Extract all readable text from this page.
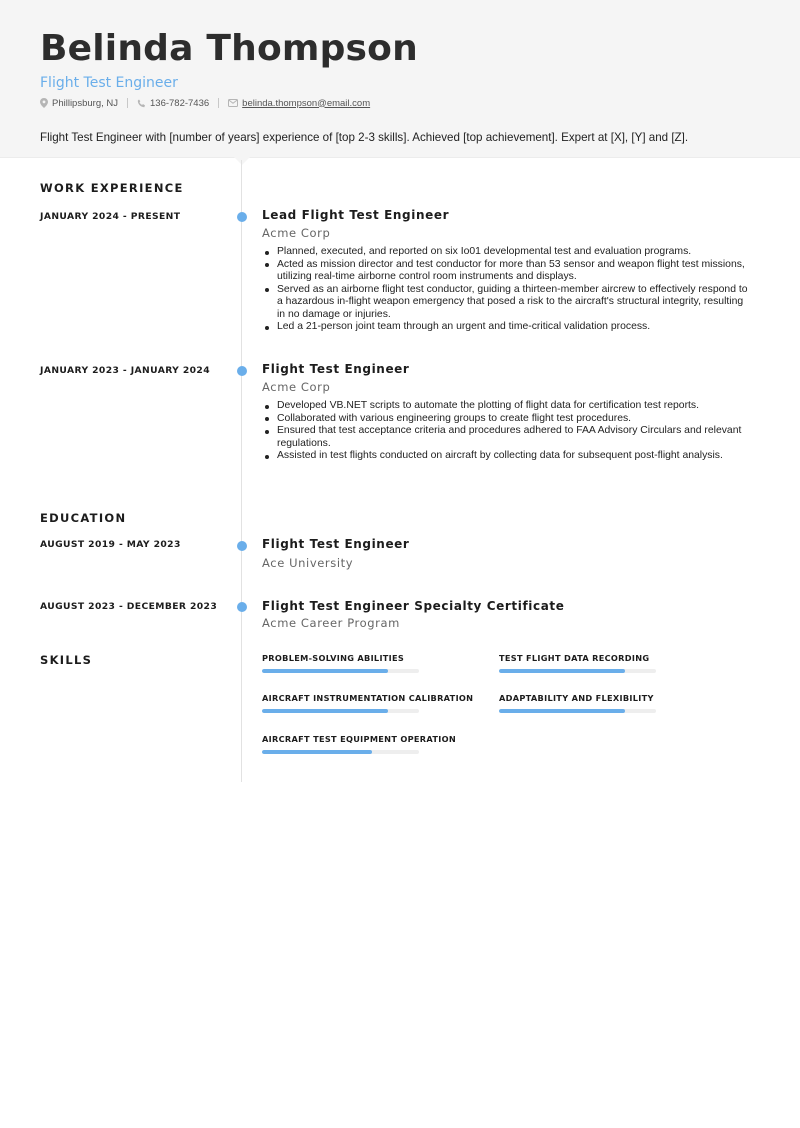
Belinda Thompson
Flight Test Engineer
Phillipsburg, NJ	136-782-7436	belinda.thompson@email.com
Flight Test Engineer with [number of years] experience of [top 2-3 skills]. Achieved [top achievement]. Expert at [X], [Y] and [Z].
WORK EXPERIENCE
JANUARY 2024 - PRESENT	Lead Flight Test Engineer
Acme Corp
Planned, executed, and reported on six Io01 developmental test and evaluation programs.
Acted as mission director and test conductor for more than 53 sensor and weapon flight test missions, utilizing real-time airborne control room instruments and displays.
Served as an airborne flight test conductor, guiding a thirteen-member aircrew to effectively respond to a hazardous in-flight weapon emergency that posed a risk to the aircraft's structural integrity, resulting in no damage or injuries.
Led a 21-person joint team through an urgent and time-critical validation process.
JANUARY 2023 - JANUARY 2024	Flight Test Engineer
Acme Corp
Developed VB.NET scripts to automate the plotting of flight data for certification test reports.
Collaborated with various engineering groups to create flight test procedures.
Ensured that test acceptance criteria and procedures adhered to FAA Advisory Circulars and relevant regulations.
Assisted in test flights conducted on aircraft by collecting data for subsequent post-flight analysis.
EDUCATION
AUGUST 2019 - MAY 2023	Flight Test Engineer
Ace University
AUGUST 2023 - DECEMBER 2023	Flight Test Engineer Specialty Certificate
Acme Career Program
SKILLS	PROBLEM-SOLVING ABILITIES	TEST FLIGHT DATA RECORDING
AIRCRAFT INSTRUMENTATION CALIBRATION	ADAPTABILITY AND FLEXIBILITY
AIRCRAFT TEST EQUIPMENT OPERATION
